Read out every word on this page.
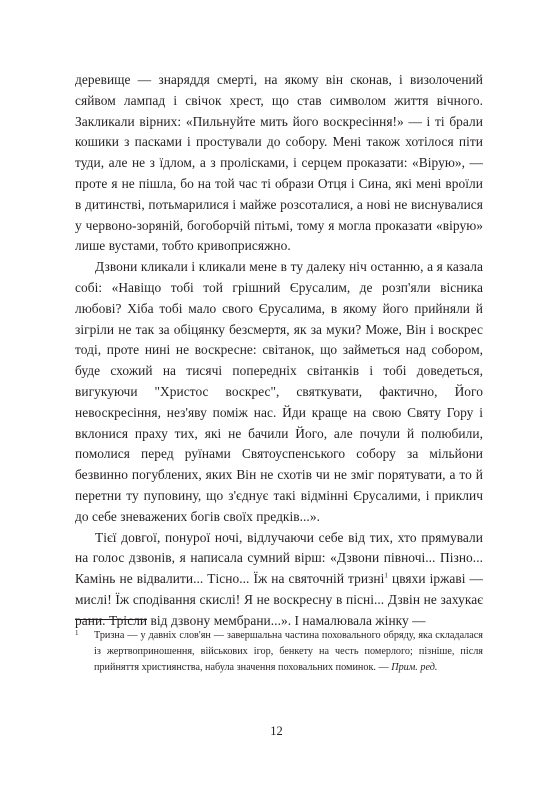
деревище — знаряддя смерті, на якому він сконав, і визолочений сяйвом лампад і свічок хрест, що став символом життя вічного. Закликали вірних: «Пильнуйте мить його воскресіння!» — і ті брали кошики з пасками і простували до собору. Мені також хотілося піти туди, але не з їдлом, а з пролісками, і серцем проказати: «Вірую», — проте я не пішла, бо на той час ті образи Отця і Сина, які мені вроїли в дитинстві, потьмарилися і майже розсоталися, а нові не виснувалися у червоно-зоряній, богоборчій пітьмі, тому я могла проказати «вірую» лише вустами, тобто кривоприсяжно.

Дзвони кликали і кликали мене в ту далеку ніч останню, а я казала собі: «Навіщо тобі той грішний Єрусалим, де розп'яли вісника любові? Хіба тобі мало свого Єрусалима, в якому його прийняли й зігріли не так за обіцянку безсмертя, як за муки? Може, Він і воскрес тоді, проте нині не воскресне: світанок, що займеться над собором, буде схожий на тисячі попередніх світанків і тобі доведеться, вигукуючи "Христос воскрес", святкувати, фактично, Його невоскресіння, нез'яву поміж нас. Йди краще на свою Святу Гору і вклонися праху тих, які не бачили Його, але почули й полюбили, помолися перед руїнами Святоуспенського собору за мільйони безвинно погублених, яких Він не схотів чи не зміг порятувати, а то й перетни ту пуповину, що з'єднує такі відмінні Єрусалими, і приклич до себе зневажених богів своїх предків...».

Тієї довгої, понурої ночі, відлучаючи себе від тих, хто прямували на голос дзвонів, я написала сумний вірш: «Дзвони півночі... Пізно... Камінь не відвалити... Тісно... Їж на святочній тризні$^1$ цвяхи іржаві — мислі! Їж сподівання скислі! Я не воскресну в пісні... Дзвін не захукає рани. Трісли від дзвону мембрани...». І намалювала жінку —

1	Тризна — у давніх слов'ян — завершальна частина поховального обряду, яка складалася із жертвоприношення, військових ігор, бенкету на честь померлого; пізніше, після прийняття християнства, набула значення поховальних поминок. — Прим. ред.
12
